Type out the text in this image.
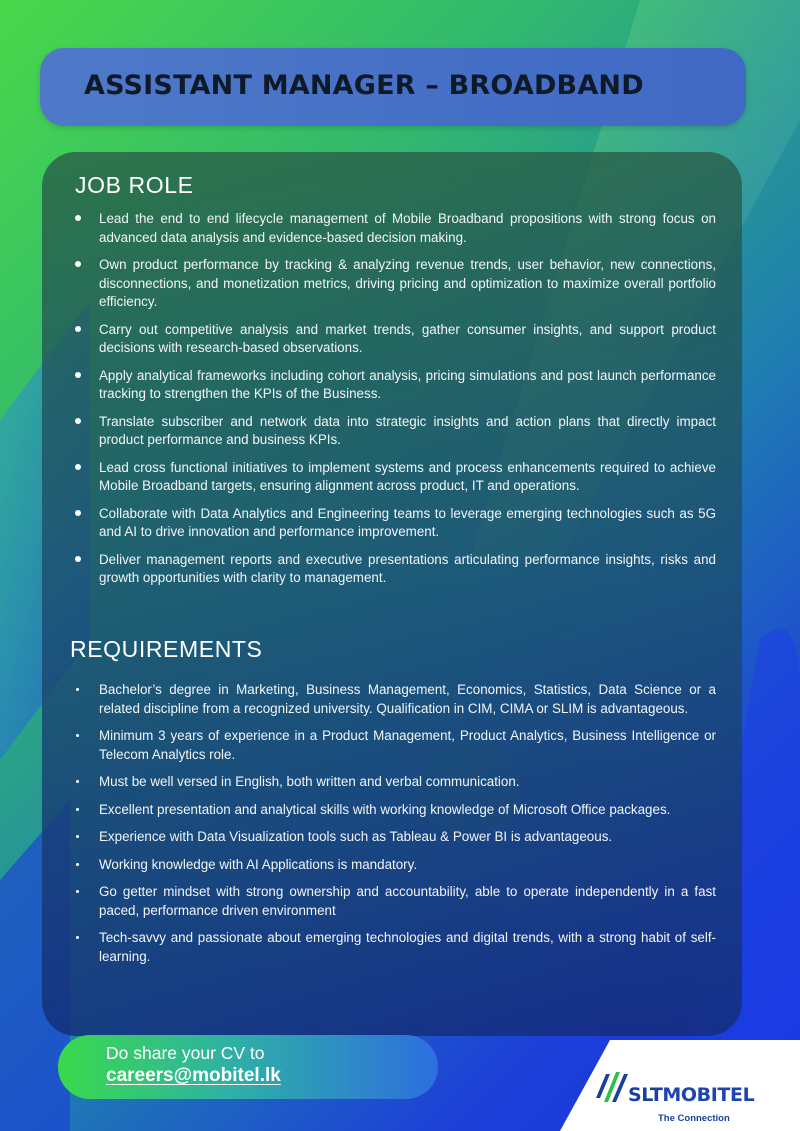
ASSISTANT MANAGER – BROADBAND
JOB ROLE
Lead the end to end lifecycle management of Mobile Broadband propositions with strong focus on advanced data analysis and evidence-based decision making.
Own product performance by tracking & analyzing revenue trends, user behavior, new connections, disconnections, and monetization metrics, driving pricing and optimization to maximize overall portfolio efficiency.
Carry out competitive analysis and market trends, gather consumer insights, and support product decisions with research-based observations.
Apply analytical frameworks including cohort analysis, pricing simulations and post launch performance tracking to strengthen the KPIs of the Business.
Translate subscriber and network data into strategic insights and action plans that directly impact product performance and business KPIs.
Lead cross functional initiatives to implement systems and process enhancements required to achieve Mobile Broadband targets, ensuring alignment across product, IT and operations.
Collaborate with Data Analytics and Engineering teams to leverage emerging technologies such as 5G and AI to drive innovation and performance improvement.
Deliver management reports and executive presentations articulating performance insights, risks and growth opportunities with clarity to management.
REQUIREMENTS
Bachelor’s degree in Marketing, Business Management, Economics, Statistics, Data Science or a related discipline from a recognized university. Qualification in CIM, CIMA or SLIM is advantageous.
Minimum 3 years of experience in a Product Management, Product Analytics, Business Intelligence or Telecom Analytics role.
Must be well versed in English, both written and verbal communication.
Excellent presentation and analytical skills with working knowledge of Microsoft Office packages.
Experience with Data Visualization tools such as Tableau & Power BI is advantageous.
Working knowledge with AI Applications is mandatory.
Go getter mindset with strong ownership and accountability, able to operate independently in a fast paced, performance driven environment
Tech-savvy and passionate about emerging technologies and digital trends, with a strong habit of self-learning.
Do share your CV to
careers@mobitel.lk
SLTMOBITEL
The Connection
